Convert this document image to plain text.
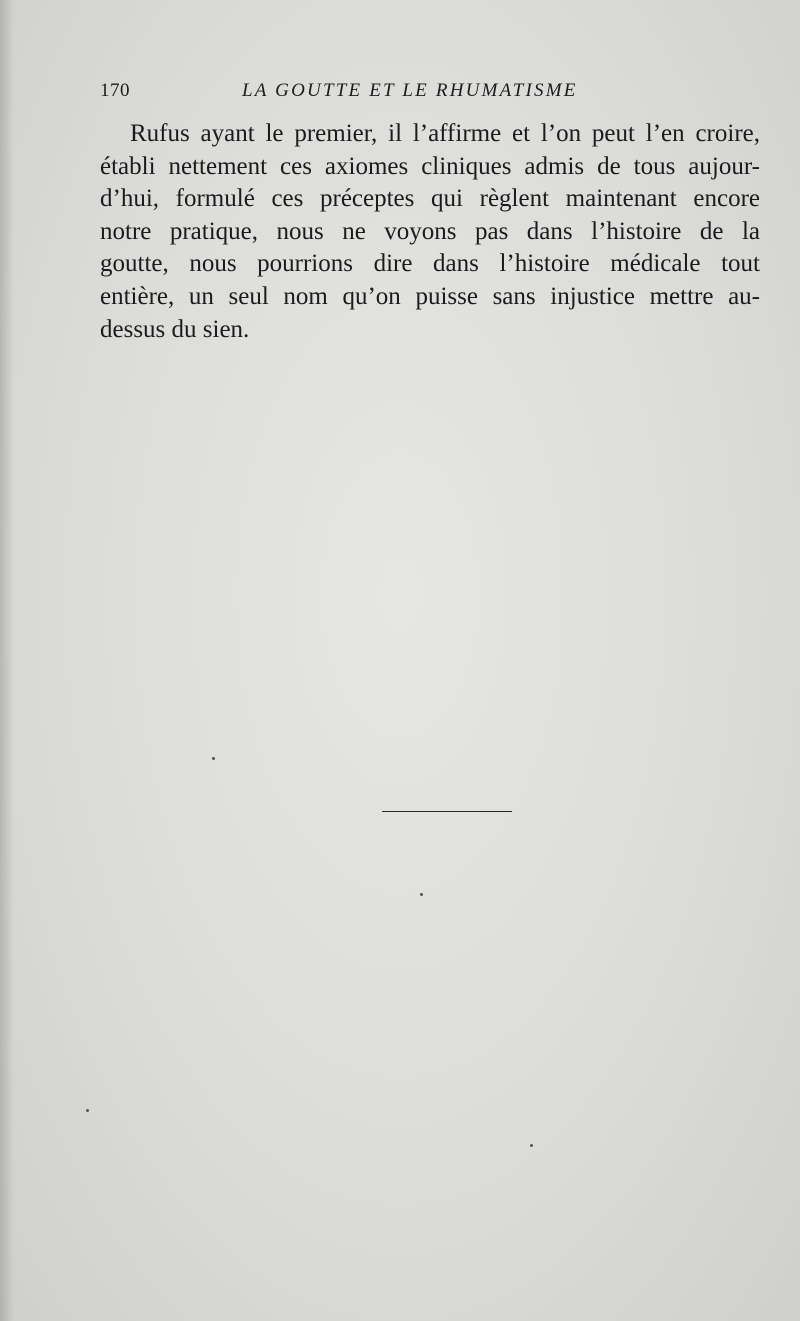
170	LA GOUTTE ET LE RHUMATISME
Rufus ayant le premier, il l’affirme et l’on peut l’en croire,
établi nettement ces axiomes cliniques admis de tous aujour-
d’hui, formulé ces préceptes qui règlent maintenant encore
notre pratique, nous ne voyons pas dans l’histoire de la
goutte, nous pourrions dire dans l’histoire médicale tout
entière, un seul nom qu’on puisse sans injustice mettre au-
dessus du sien.
